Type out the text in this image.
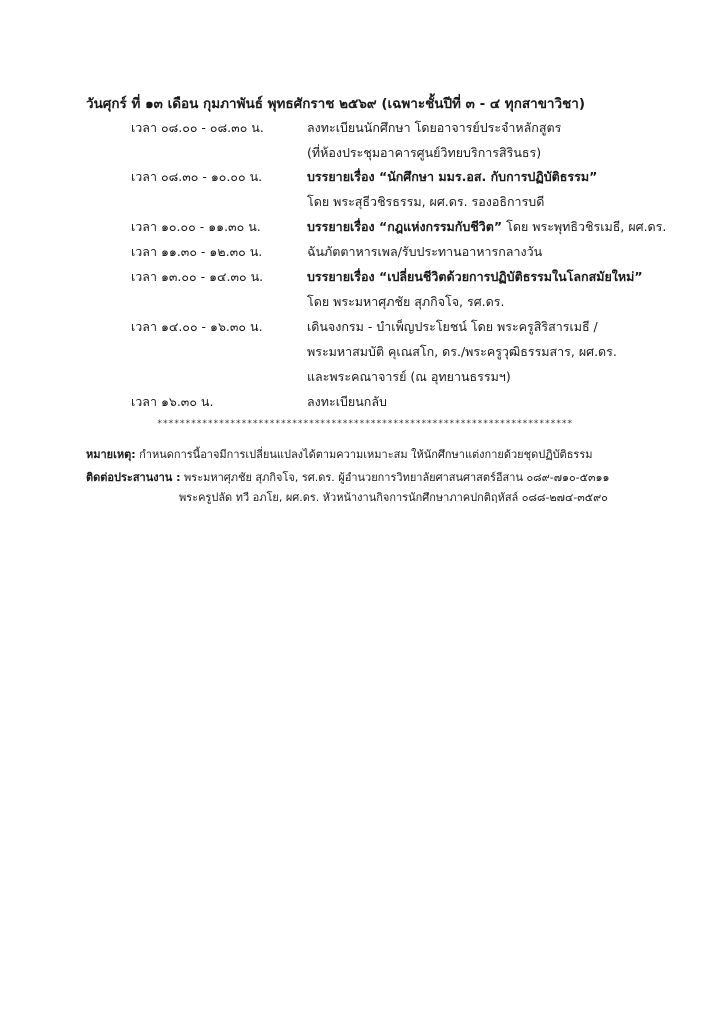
วันศุกร์ ที่ ๑๓ เดือน กุมภาพันธ์ พุทธศักราช ๒๕๖๙ (เฉพาะชั้นปีที่ ๓ - ๔ ทุกสาขาวิชา)
เวลา ๐๘.๐๐ - ๐๘.๓๐ น.	ลงทะเบียนนักศึกษา โดยอาจารย์ประจำหลักสูตร
(ที่ห้องประชุมอาคารศูนย์วิทยบริการสิรินธร)
เวลา ๐๘.๓๐ - ๑๐.๐๐ น.	บรรยายเรื่อง “นักศึกษา มมร.อส. กับการปฏิบัติธรรม”
โดย พระสุธีวชิรธรรม, ผศ.ดร. รองอธิการบดี
เวลา ๑๐.๐๐ - ๑๑.๓๐ น.	บรรยายเรื่อง “กฎแห่งกรรมกับชีวิต” โดย พระพุทธิวชิรเมธี, ผศ.ดร.
เวลา ๑๑.๓๐ - ๑๒.๓๐ น.	ฉันภัตตาหารเพล/รับประทานอาหารกลางวัน
เวลา ๑๓.๐๐ - ๑๔.๓๐ น.	บรรยายเรื่อง “เปลี่ยนชีวิตด้วยการปฏิบัติธรรมในโลกสมัยใหม่”
โดย พระมหาศุภชัย สุภกิจโจ, รศ.ดร.
เวลา ๑๔.๐๐ - ๑๖.๓๐ น.	เดินจงกรม - บำเพ็ญประโยชน์ โดย พระครูสิริสารเมธี /
พระมหาสมบัติ คุเณสโก, ดร./พระครูวุฒิธรรมสาร, ผศ.ดร.
และพระคณาจารย์ (ณ อุทยานธรรมฯ)
เวลา ๑๖.๓๐ น.	ลงทะเบียนกลับ
**************************************************************************
หมายเหตุ: กำหนดการนี้อาจมีการเปลี่ยนแปลงได้ตามความเหมาะสม ให้นักศึกษาแต่งกายด้วยชุดปฏิบัติธรรม
ติดต่อประสานงาน : พระมหาศุภชัย สุภกิจโจ, รศ.ดร. ผู้อำนวยการวิทยาลัยศาสนศาสตร์อีสาน ๐๘๙-๗๑๐-๕๓๑๑
พระครูปลัด ทวี อภโย, ผศ.ดร. หัวหน้างานกิจการนักศึกษาภาคปกติฤหัสล์ ๐๘๘-๒๗๔-๓๕๙๐
